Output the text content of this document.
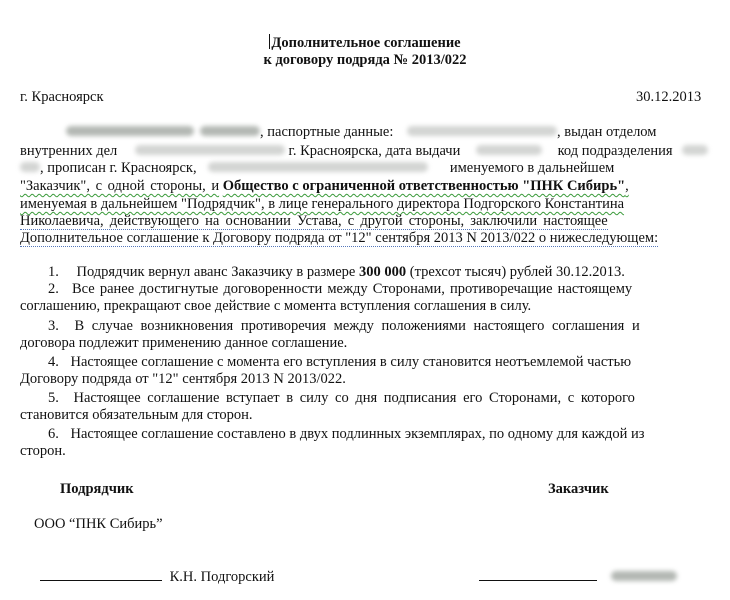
Дополнительное соглашение
к договору подряда № 2013/022
г. Красноярск	30.12.2013
, паспортные данные:	, выдан отделом
внутренних дел	г. Красноярска, дата выдачи	код подразделения
, прописан г. Красноярск,	именуемого в дальнейшем
"Заказчик", с одной стороны, и Общество с ограниченной ответственностью "ПНК Сибирь",
именуемая в дальнейшем "Подрядчик", в лице генерального директора Подгорского Константина
Николаевича, действующего на основании Устава, с другой стороны, заключили настоящее
Дополнительное соглашение к Договору подряда от "12" сентября 2013 N 2013/022 о нижеследующем:
1. Подрядчик вернул аванс Заказчику в размере 300 000 (трехсот тысяч) рублей 30.12.2013.
2. Все ранее достигнутые договоренности между Сторонами, противоречащие настоящему
соглашению, прекращают свое действие с момента вступления соглашения в силу.
3. В случае возникновения противоречия между положениями настоящего соглашения и
договора подлежит применению данное соглашение.
4. Настоящее соглашение с момента его вступления в силу становится неотъемлемой частью
Договору подряда от "12" сентября 2013 N 2013/022.
5. Настоящее соглашение вступает в силу со дня подписания его Сторонами, с которого
становится обязательным для сторон.
6. Настоящее соглашение составлено в двух подлинных экземплярах, по одному для каждой из
сторон.
Подрядчик	Заказчик
ООО “ПНК Сибирь”
К.Н. Подгорский
